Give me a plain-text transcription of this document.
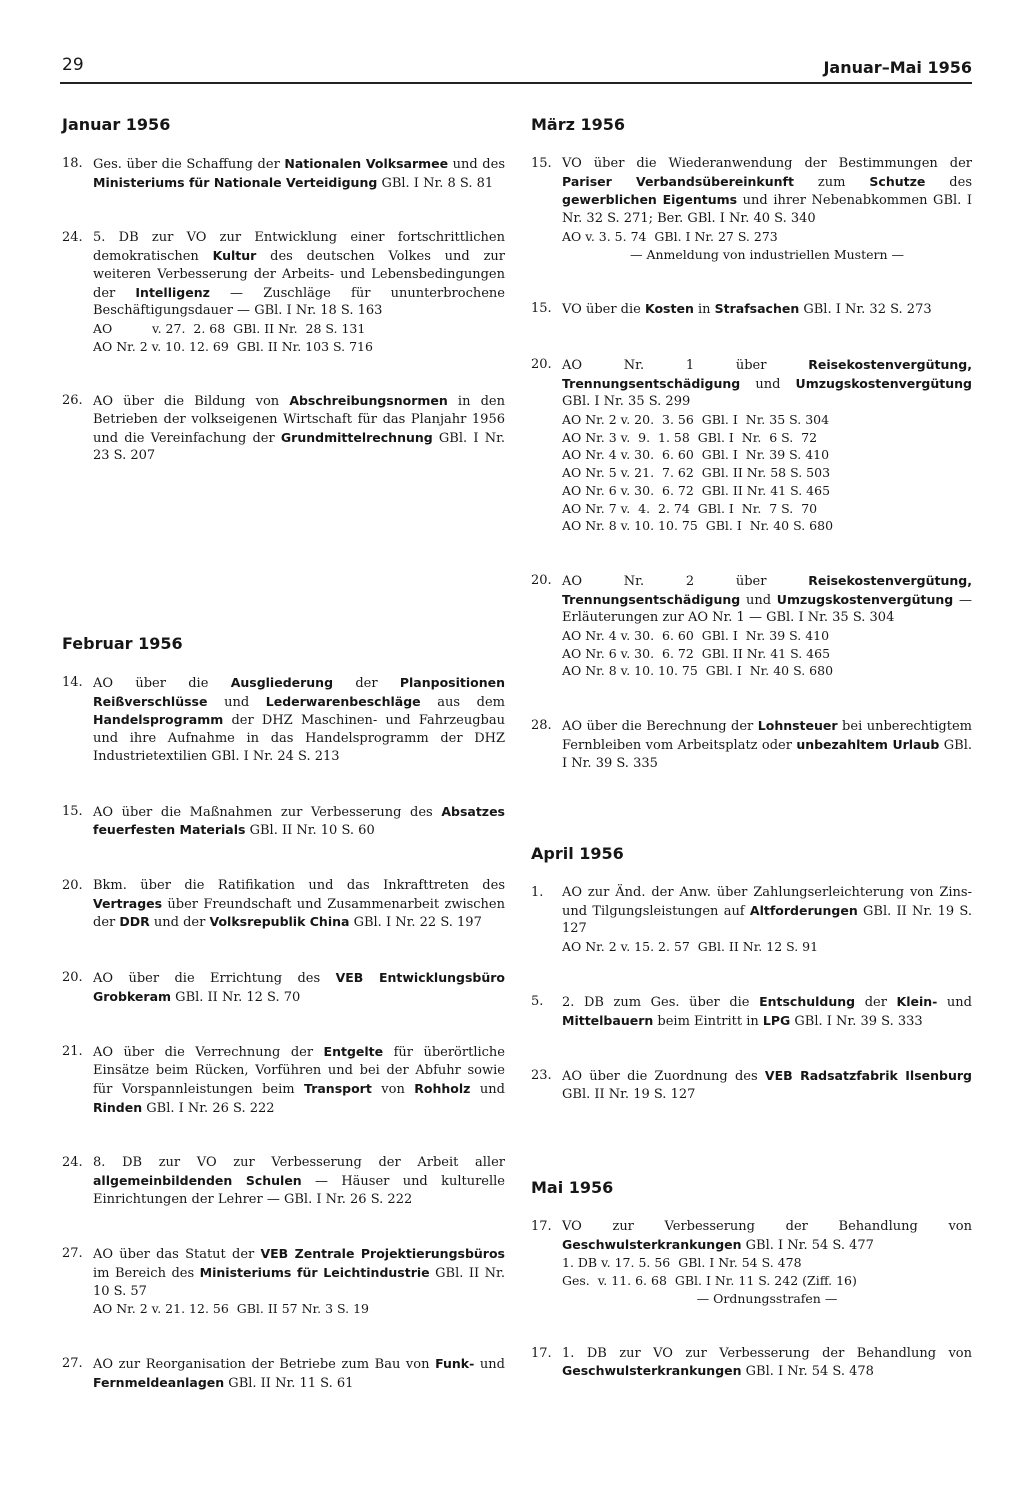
29	Januar–Mai 1956
Januar 1956
18. Ges. über die Schaffung der Nationalen Volksarmee und des Ministeriums für Nationale Verteidigung GBl. I Nr. 8 S. 81
24. 5. DB zur VO zur Entwicklung einer fortschrittlichen demokratischen Kultur des deutschen Volkes und zur weiteren Verbesserung der Arbeits- und Lebensbedingungen der Intelligenz — Zuschläge für ununterbrochene Beschäftigungsdauer — GBl. I Nr. 18 S. 163
AO          v. 27.  2. 68  GBl. II Nr.  28 S. 131
AO Nr. 2 v. 10. 12. 69  GBl. II Nr. 103 S. 716
26. AO über die Bildung von Abschreibungsnormen in den Betrieben der volkseigenen Wirtschaft für das Planjahr 1956 und die Vereinfachung der Grundmittelrechnung GBl. I Nr. 23 S. 207
Februar 1956
14. AO über die Ausgliederung der Planpositionen Reißverschlüsse und Lederwarenbeschläge aus dem Handelsprogramm der DHZ Maschinen- und Fahrzeugbau und ihre Aufnahme in das Handelsprogramm der DHZ Industrietextilien GBl. I Nr. 24 S. 213
15. AO über die Maßnahmen zur Verbesserung des Absatzes feuerfesten Materials GBl. II Nr. 10 S. 60
20. Bkm. über die Ratifikation und das Inkrafttreten des Vertrages über Freundschaft und Zusammenarbeit zwischen der DDR und der Volksrepublik China GBl. I Nr. 22 S. 197
20. AO über die Errichtung des VEB Entwicklungsbüro Grobkeram GBl. II Nr. 12 S. 70
21. AO über die Verrechnung der Entgelte für überörtliche Einsätze beim Rücken, Vorführen und bei der Abfuhr sowie für Vorspannleistungen beim Transport von Rohholz und Rinden GBl. I Nr. 26 S. 222
24. 8. DB zur VO zur Verbesserung der Arbeit aller allgemeinbildenden Schulen — Häuser und kulturelle Einrichtungen der Lehrer — GBl. I Nr. 26 S. 222
27. AO über das Statut der VEB Zentrale Projektierungsbüros im Bereich des Ministeriums für Leichtindustrie GBl. II Nr. 10 S. 57
AO Nr. 2 v. 21. 12. 56  GBl. II 57 Nr. 3 S. 19
27. AO zur Reorganisation der Betriebe zum Bau von Funk- und Fernmeldeanlagen GBl. II Nr. 11 S. 61
März 1956
15. VO über die Wiederanwendung der Bestimmungen der Pariser Verbandsübereinkunft zum Schutze des gewerblichen Eigentums und ihrer Nebenabkommen GBl. I Nr. 32 S. 271; Ber. GBl. I Nr. 40 S. 340
AO v. 3. 5. 74  GBl. I Nr. 27 S. 273
— Anmeldung von industriellen Mustern —
15. VO über die Kosten in Strafsachen GBl. I Nr. 32 S. 273
20. AO Nr. 1 über Reisekostenvergütung, Trennungsentschädigung und Umzugskostenvergütung GBl. I Nr. 35 S. 299
AO Nr. 2 v. 20.  3. 56  GBl. I  Nr. 35 S. 304
AO Nr. 3 v.  9.  1. 58  GBl. I  Nr.  6 S.  72
AO Nr. 4 v. 30.  6. 60  GBl. I  Nr. 39 S. 410
AO Nr. 5 v. 21.  7. 62  GBl. II Nr. 58 S. 503
AO Nr. 6 v. 30.  6. 72  GBl. II Nr. 41 S. 465
AO Nr. 7 v.  4.  2. 74  GBl. I  Nr.  7 S.  70
AO Nr. 8 v. 10. 10. 75  GBl. I  Nr. 40 S. 680
20. AO Nr. 2 über Reisekostenvergütung, Trennungsentschädigung und Umzugskostenvergütung — Erläuterungen zur AO Nr. 1 — GBl. I Nr. 35 S. 304
AO Nr. 4 v. 30.  6. 60  GBl. I  Nr. 39 S. 410
AO Nr. 6 v. 30.  6. 72  GBl. II Nr. 41 S. 465
AO Nr. 8 v. 10. 10. 75  GBl. I  Nr. 40 S. 680
28. AO über die Berechnung der Lohnsteuer bei unberechtigtem Fernbleiben vom Arbeitsplatz oder unbezahltem Urlaub GBl. I Nr. 39 S. 335
April 1956
1.	AO zur Änd. der Anw. über Zahlungserleichterung von Zins- und Tilgungsleistungen auf Altforderungen GBl. II Nr. 19 S. 127
AO Nr. 2 v. 15. 2. 57  GBl. II Nr. 12 S. 91
5.	2. DB zum Ges. über die Entschuldung der Klein- und Mittelbauern beim Eintritt in LPG GBl. I Nr. 39 S. 333
23. AO über die Zuordnung des VEB Radsatzfabrik Ilsenburg GBl. II Nr. 19 S. 127
Mai 1956
17. VO zur Verbesserung der Behandlung von Geschwulsterkrankungen GBl. I Nr. 54 S. 477
1. DB v. 17. 5. 56  GBl. I Nr. 54 S. 478
Ges.  v. 11. 6. 68  GBl. I Nr. 11 S. 242 (Ziff. 16)
— Ordnungsstrafen —
17. 1. DB zur VO zur Verbesserung der Behandlung von Geschwulsterkrankungen GBl. I Nr. 54 S. 478
